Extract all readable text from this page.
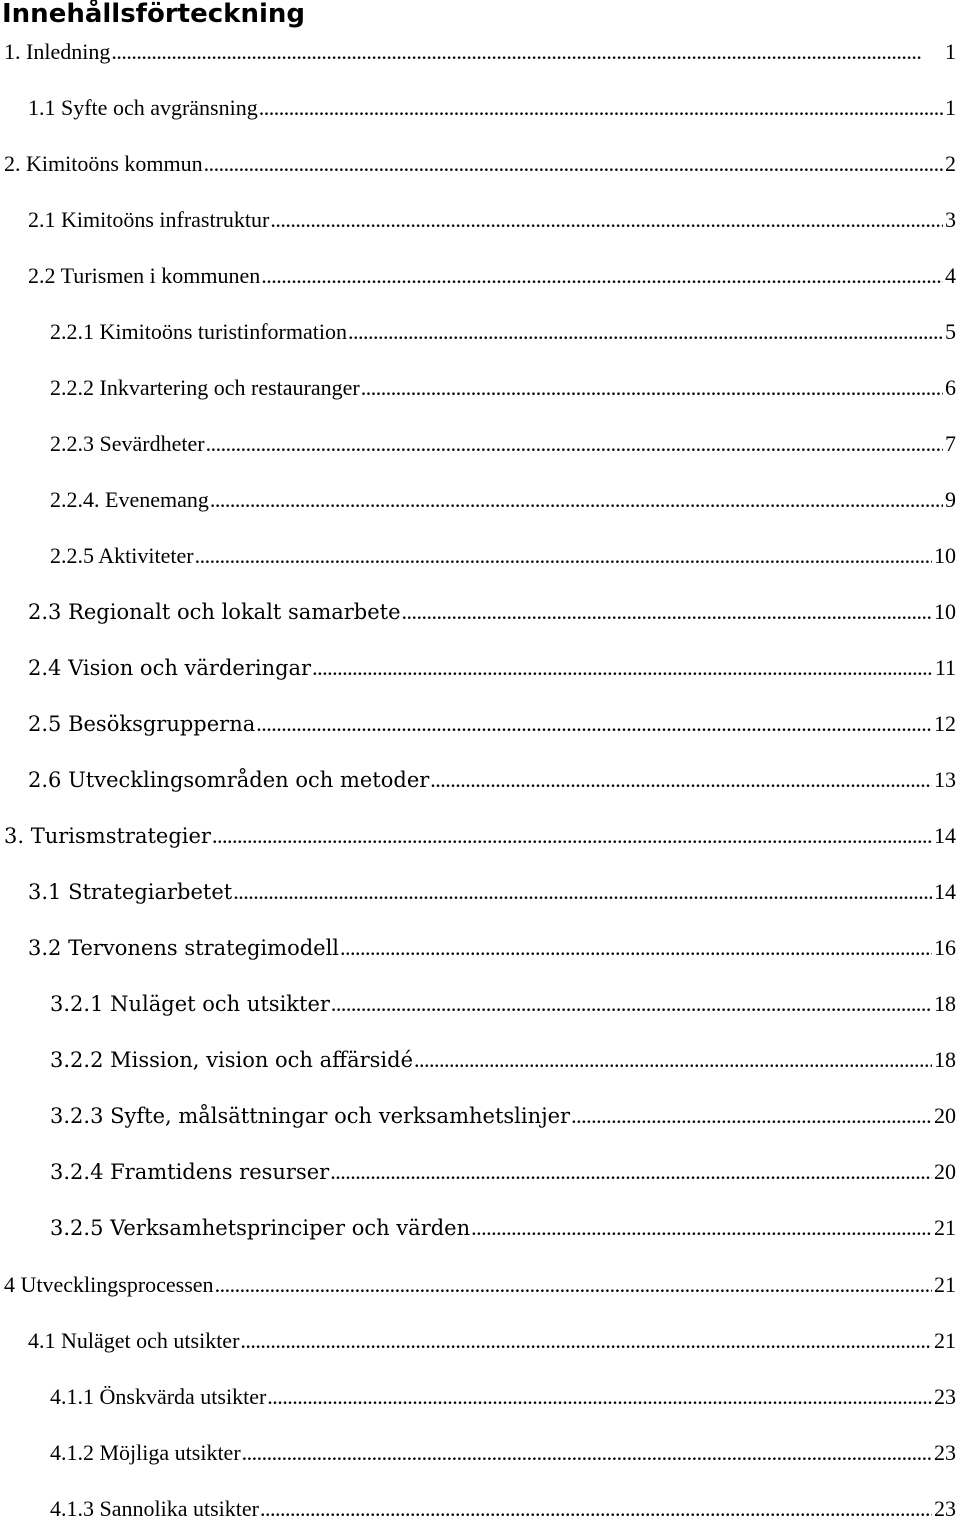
Innehållsförteckning
1. Inledning . . .	1
1.1 Syfte och avgränsning . . .	1
2. Kimitoöns kommun . . .	2
2.1 Kimitoöns infrastruktur . . .	3
2.2 Turismen i kommunen . . .	4
2.2.1 Kimitoöns turistinformation . . .	5
2.2.2 Inkvartering och restauranger . . .	6
2.2.3 Sevärdheter . . .	7
2.2.4. Evenemang . . .	9
2.2.5 Aktiviteter . . .	10
2.3 Regionalt och lokalt samarbete . . .	10
2.4 Vision och värderingar . . .	11
2.5 Besöksgrupperna . . .	12
2.6 Utvecklingsområden och metoder . . .	13
3. Turismstrategier . . .	14
3.1 Strategiarbetet . . .	14
3.2 Tervonens strategimodell . . .	16
3.2.1 Nuläget och utsikter . . .	18
3.2.2 Mission, vision och affärsidé . . .	18
3.2.3 Syfte, målsättningar och verksamhetslinjer . . .	20
3.2.4 Framtidens resurser . . .	20
3.2.5 Verksamhetsprinciper och värden . . .	21
4 Utvecklingsprocessen . . .	21
4.1 Nuläget och utsikter . . .	21
4.1.1 Önskvärda utsikter . . .	23
4.1.2 Möjliga utsikter . . .	23
4.1.3 Sannolika utsikter . . .	23
